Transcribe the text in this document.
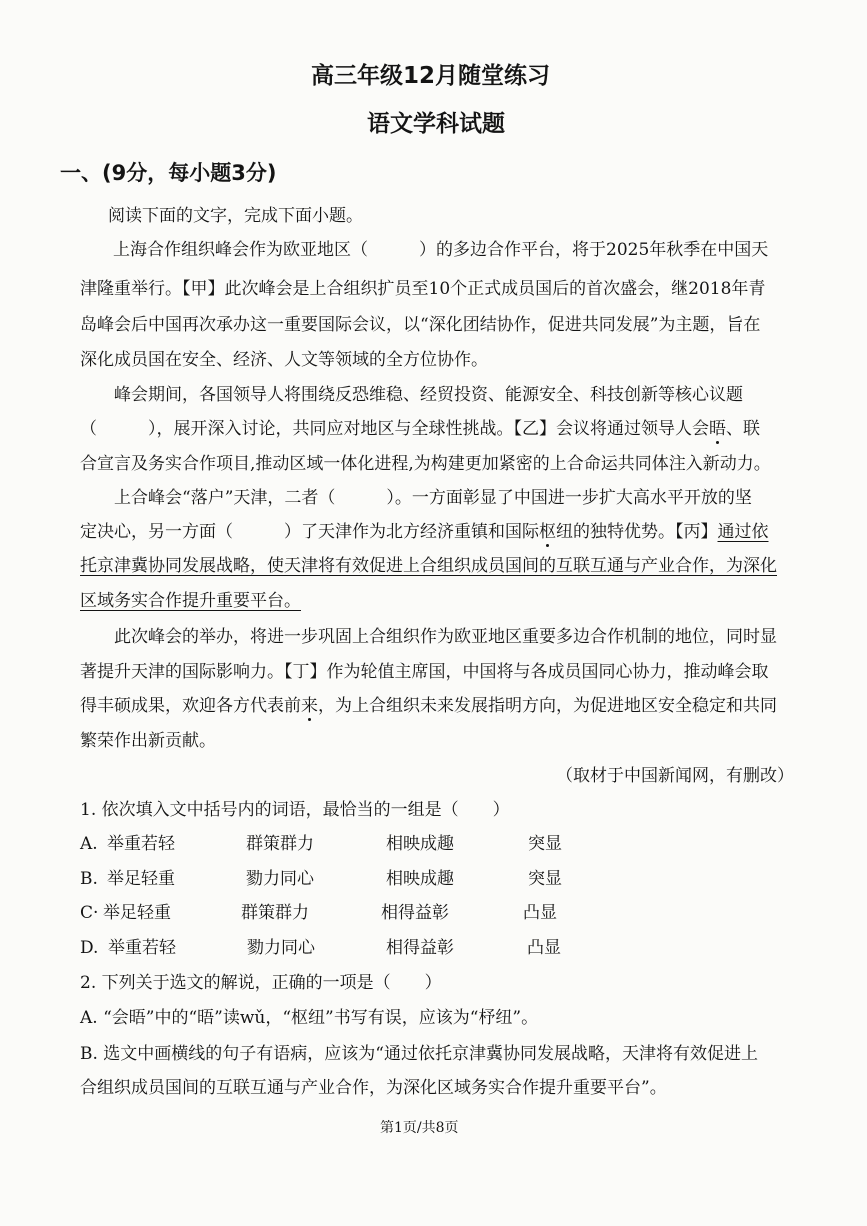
高三年级12月随堂练习
语文学科试题
一、(9分，每小题3分)
阅读下面的文字，完成下面小题。
上海合作组织峰会作为欧亚地区（　　　）的多边合作平台，将于2025年秋季在中国天
津隆重举行。【甲】此次峰会是上合组织扩员至10个正式成员国后的首次盛会，继2018年青
岛峰会后中国再次承办这一重要国际会议，以“深化团结协作，促进共同发展”为主题，旨在
深化成员国在安全、经济、人文等领域的全方位协作。
峰会期间，各国领导人将围绕反恐维稳、经贸投资、能源安全、科技创新等核心议题
（　　　），展开深入讨论，共同应对地区与全球性挑战。【乙】会议将通过领导人会晤、联
合宣言及务实合作项目,推动区域一体化进程,为构建更加紧密的上合命运共同体注入新动力。
上合峰会“落户”天津，二者（　　　）。一方面彰显了中国进一步扩大高水平开放的坚
定决心，另一方面（　　　）了天津作为北方经济重镇和国际枢纽的独特优势。【丙】通过依
托京津冀协同发展战略，使天津将有效促进上合组织成员国间的互联互通与产业合作，为深化
区域务实合作提升重要平台。
此次峰会的举办，将进一步巩固上合组织作为欧亚地区重要多边合作机制的地位，同时显
著提升天津的国际影响力。【丁】作为轮值主席国，中国将与各成员国同心协力，推动峰会取
得丰硕成果，欢迎各方代表前来，为上合组织未来发展指明方向，为促进地区安全稳定和共同
繁荣作出新贡献。
（取材于中国新闻网，有删改）
1. 依次填入文中括号内的词语，最恰当的一组是（　　）
A. 举重若轻	群策群力	相映成趣	突显
B. 举足轻重	勠力同心	相映成趣	突显
C· 举足轻重	群策群力	相得益彰	凸显
D. 举重若轻	勠力同心	相得益彰	凸显
2. 下列关于选文的解说，正确的一项是（　　）
A. “会晤”中的“晤”读wǔ，“枢纽”书写有误，应该为“杼纽”。
B. 选文中画横线的句子有语病，应该为“通过依托京津冀协同发展战略，天津将有效促进上
合组织成员国间的互联互通与产业合作，为深化区域务实合作提升重要平台”。
第1页/共8页
